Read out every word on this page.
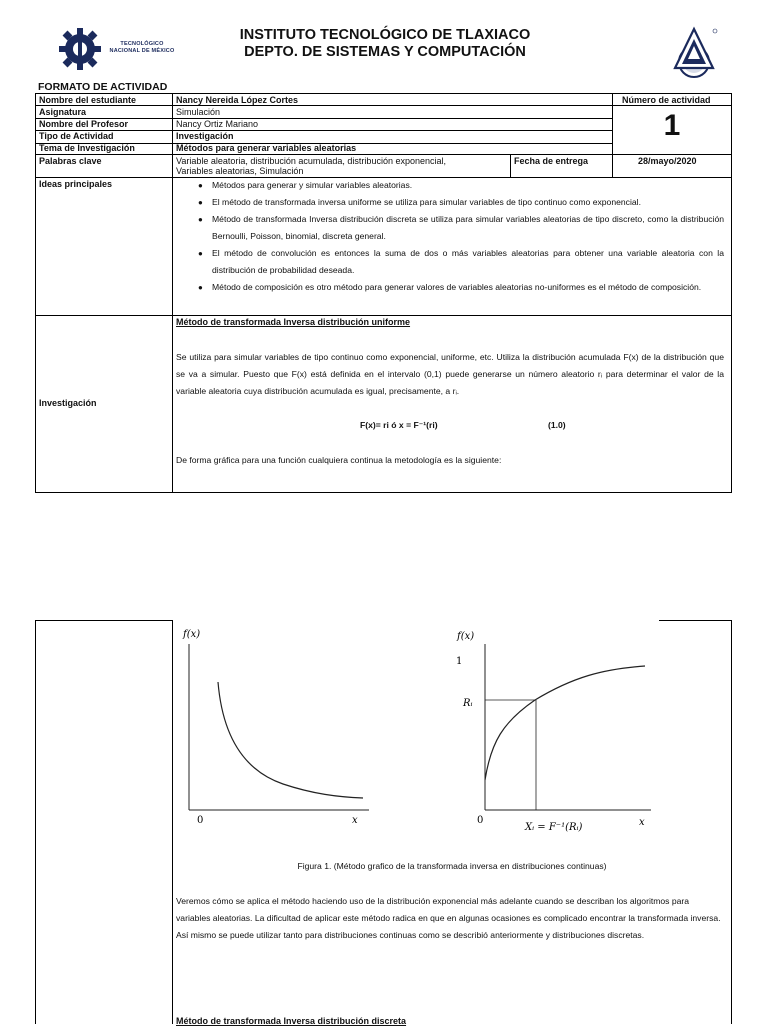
TECNOLÓGICO
NACIONAL DE MÉXICO
INSTITUTO TECNOLÓGICO DE TLAXIACO
DEPTO. DE SISTEMAS Y COMPUTACIÓN
FORMATO DE ACTIVIDAD
Nombre del estudiante	Nancy Nereida López Cortes	Número de actividad
1
Asignatura	Simulación
Nombre del Profesor	Nancy Ortiz Mariano
Tipo de Actividad	Investigación
Tema de Investigación	Métodos para generar variables aleatorias
Palabras clave	Variable aleatoria, distribución acumulada, distribución exponencial,
Variables aleatorias, Simulación
Fecha de entrega	28/mayo/2020
Ideas principales	● Métodos para generar y simular variables aleatorias.
● El método de transformada inversa uniforme se utiliza para simular variables de tipo continuo como exponencial.
● Método de transformada Inversa distribución discreta se utiliza para simular variables aleatorias de tipo discreto, como la distribución Bernoulli, Poisson, binomial, discreta general.
● El método de convolución es entonces la suma de dos o más variables aleatorias para obtener una variable aleatoria con la distribución de probabilidad deseada.
● Método de composición es otro método para generar valores de variables aleatorias no-uniformes es el método de composición.
Investigación
Método de transformada Inversa distribución uniforme
Se utiliza para simular variables de tipo continuo como exponencial, uniforme, etc. Utiliza la distribución acumulada F(x) de la distribución que se va a simular. Puesto que F(x) está definida en el intervalo (0,1) puede generarse un número aleatorio rᵢ para determinar el valor de la variable aleatoria cuya distribución acumulada es igual, precisamente, a rᵢ.
F(x)= ri ó x = F⁻¹(ri)	(1.0)
De forma gráfica para una función cualquiera continua la metodología es la siguiente:
f(x)
0	x
f(x)
1
Rᵢ
0
Xᵢ = F⁻¹(Rᵢ)	x
Figura 1. (Método grafico de la transformada inversa en distribuciones continuas)
Veremos cómo se aplica el método haciendo uso de la distribución exponencial más adelante cuando se describan los algoritmos para variables aleatorias. La dificultad de aplicar este método radica en que en algunas ocasiones es complicado encontrar la transformada inversa. Así mismo se puede utilizar tanto para distribuciones continuas como se describió anteriormente y distribuciones discretas.
Método de transformada Inversa distribución discreta
